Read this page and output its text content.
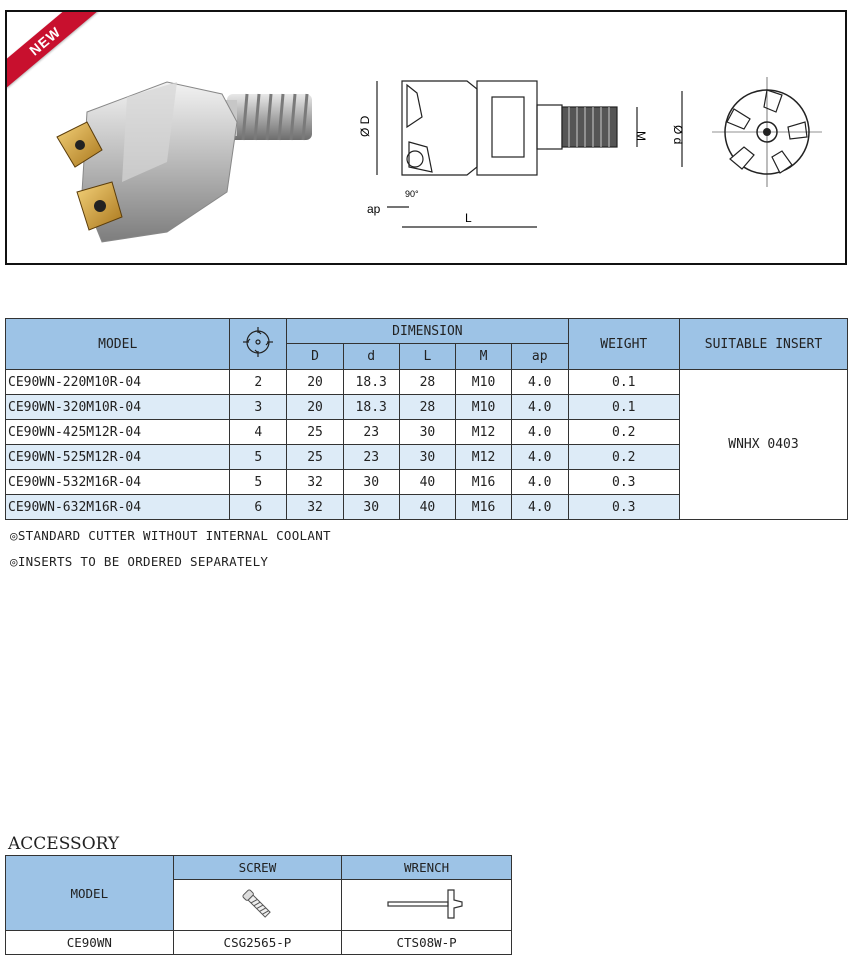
NEW
Ø D	M Ø d
ap
L
90°
MODEL		DIMENSION					WEIGHT	SUITABLE INSERT
		D	d	L	M	ap		
CE90WN-220M10R-04	2	20	18.3	28	M10	4.0	0.1	WNHX 0403
CE90WN-320M10R-04	3	20	18.3	28	M10	4.0	0.1	
CE90WN-425M12R-04	4	25	23	30	M12	4.0	0.2	
CE90WN-525M12R-04	5	25	23	30	M12	4.0	0.2	
CE90WN-532M16R-04	5	32	30	40	M16	4.0	0.3	
CE90WN-632M16R-04	6	32	30	40	M16	4.0	0.3	
◎STANDARD CUTTER WITHOUT INTERNAL COOLANT
◎INSERTS TO BE ORDERED SEPARATELY
ACCESSORY
MODEL	SCREW	WRENCH

CE90WN	CSG2565-P	CTS08W-P
